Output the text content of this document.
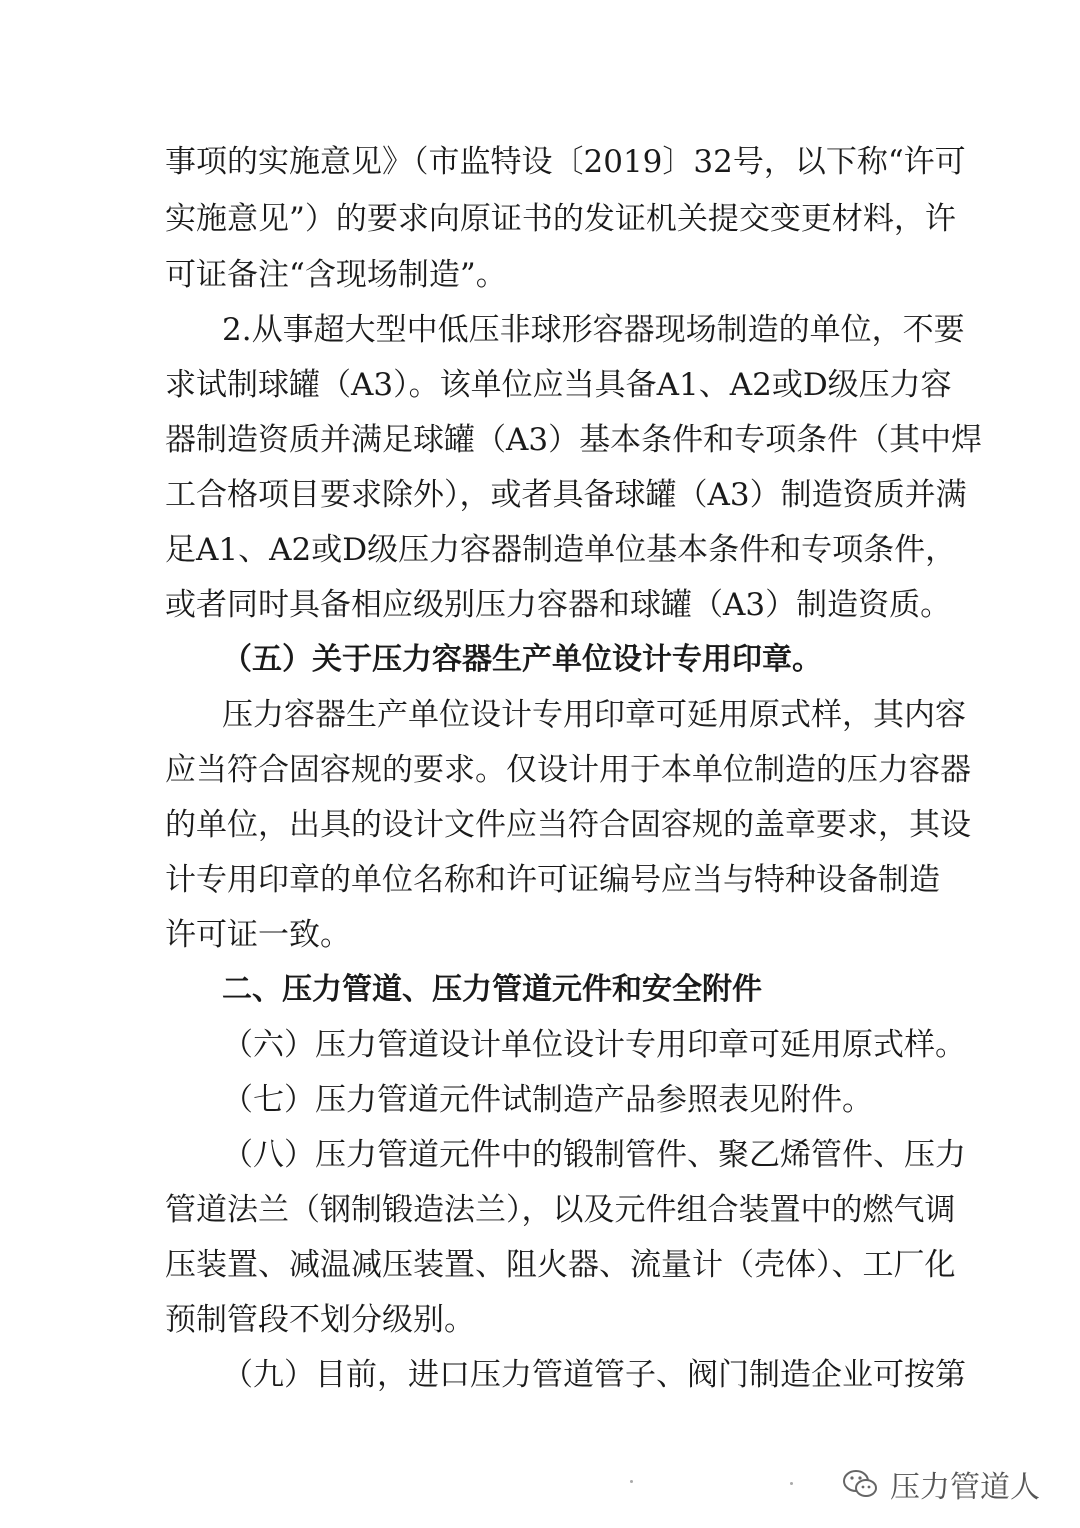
事项的实施意见》（市监特设〔2019〕32号，以下称“许可
实施意见”）的要求向原证书的发证机关提交变更材料，许
可证备注“含现场制造”。
2.从事超大型中低压非球形容器现场制造的单位，不要
求试制球罐（A3）。该单位应当具备A1、A2或D级压力容
器制造资质并满足球罐（A3）基本条件和专项条件（其中焊
工合格项目要求除外），或者具备球罐（A3）制造资质并满
足A1、A2或D级压力容器制造单位基本条件和专项条件，
或者同时具备相应级别压力容器和球罐（A3）制造资质。
（五）关于压力容器生产单位设计专用印章。
压力容器生产单位设计专用印章可延用原式样，其内容
应当符合固容规的要求。仅设计用于本单位制造的压力容器
的单位，出具的设计文件应当符合固容规的盖章要求，其设
计专用印章的单位名称和许可证编号应当与特种设备制造
许可证一致。
二、压力管道、压力管道元件和安全附件
（六）压力管道设计单位设计专用印章可延用原式样。
（七）压力管道元件试制造产品参照表见附件。
（八）压力管道元件中的锻制管件、聚乙烯管件、压力
管道法兰（钢制锻造法兰），以及元件组合装置中的燃气调
压装置、减温减压装置、阻火器、流量计（壳体）、工厂化
预制管段不划分级别。
（九）目前，进口压力管道管子、阀门制造企业可按第
压力管道人
